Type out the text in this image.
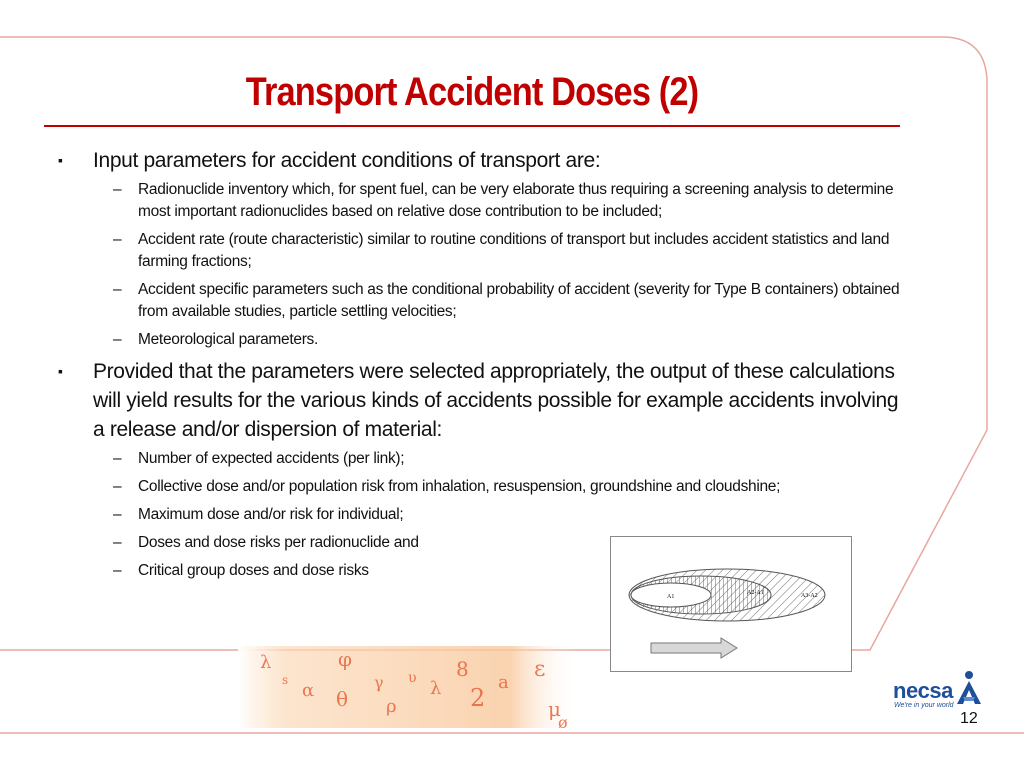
Transport Accident Doses (2)
▪ Input parameters for accident conditions of transport are:
– Radionuclide inventory which, for spent fuel, can be very elaborate thus requiring a screening analysis to determine most important radionuclides based on relative dose contribution to be included;
– Accident rate (route characteristic) similar to routine conditions of transport but includes accident statistics and land farming fractions;
– Accident specific parameters such as the conditional probability of accident (severity for Type B containers) obtained from available studies, particle settling velocities;
– Meteorological parameters.
▪ Provided that the parameters were selected appropriately, the output of these calculations will yield results for the various kinds of accidents possible for example accidents involving a release and/or dispersion of material:
– Number of expected accidents (per link);
– Collective dose and/or population risk from inhalation, resuspension, groundshine and cloudshine;
– Maximum dose and/or risk for individual;
– Doses and dose risks per radionuclide and
– Critical group doses and dose risks
A1
A2-A1	A3-A2
λ
s α
φ
θ
γ
ρ
υ λ
8
2
a
ε
μ
ø
necsa
We're in your world
12
